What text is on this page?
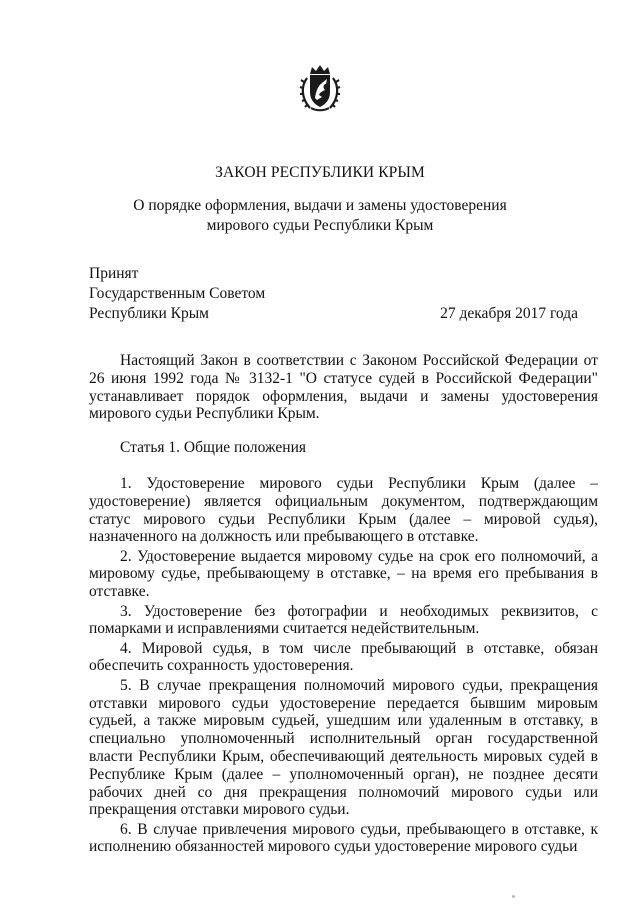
ЗАКОН РЕСПУБЛИКИ КРЫМ
О порядке оформления, выдачи и замены удостоверения
мирового судьи Республики Крым
Принят
Государственным Советом
Республики Крым	27 декабря 2017 года

Настоящий Закон в соответствии с Законом Российской Федерации от 26 июня 1992 года № 3132-1 "О статусе судей в Российской Федерации" устанавливает порядок оформления, выдачи и замены удостоверения мирового судьи Республики Крым.

Статья 1. Общие положения

1. Удостоверение мирового судьи Республики Крым (далее – удостоверение) является официальным документом, подтверждающим статус мирового судьи Республики Крым (далее – мировой судья), назначенного на должность или пребывающего в отставке.

2. Удостоверение выдается мировому судье на срок его полномочий, а мировому судье, пребывающему в отставке, – на время его пребывания в отставке.

3. Удостоверение без фотографии и необходимых реквизитов, с помарками и исправлениями считается недействительным.

4. Мировой судья, в том числе пребывающий в отставке, обязан обеспечить сохранность удостоверения.

5. В случае прекращения полномочий мирового судьи, прекращения отставки мирового судьи удостоверение передается бывшим мировым судьей, а также мировым судьей, ушедшим или удаленным в отставку, в специально уполномоченный исполнительный орган государственной власти Республики Крым, обеспечивающий деятельность мировых судей в Республике Крым (далее – уполномоченный орган), не позднее десяти рабочих дней со дня прекращения полномочий мирового судьи или прекращения отставки мирового судьи.

6. В случае привлечения мирового судьи, пребывающего в отставке, к исполнению обязанностей мирового судьи удостоверение мирового судьи
